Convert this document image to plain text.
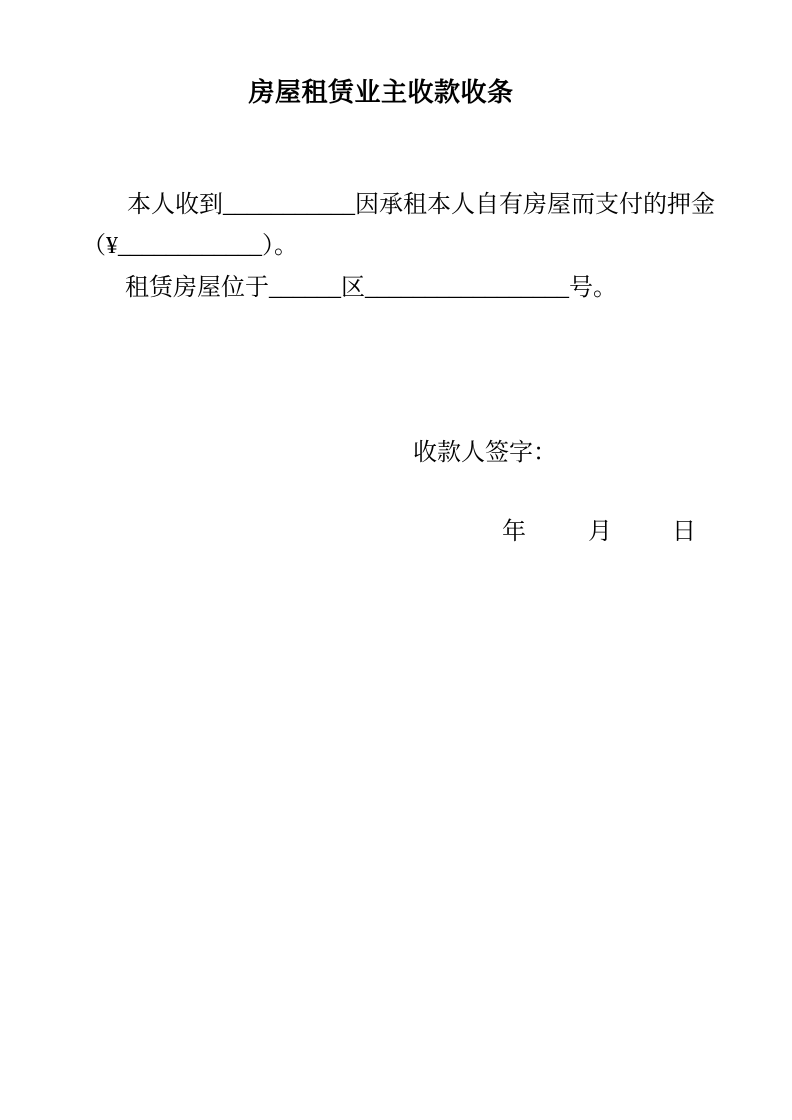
房屋租赁业主收款收条

本人收到___________因承租本人自有房屋而支付的押金

（¥____________）。

租赁房屋位于______区_________________号。

收款人签字：

年	月	日
